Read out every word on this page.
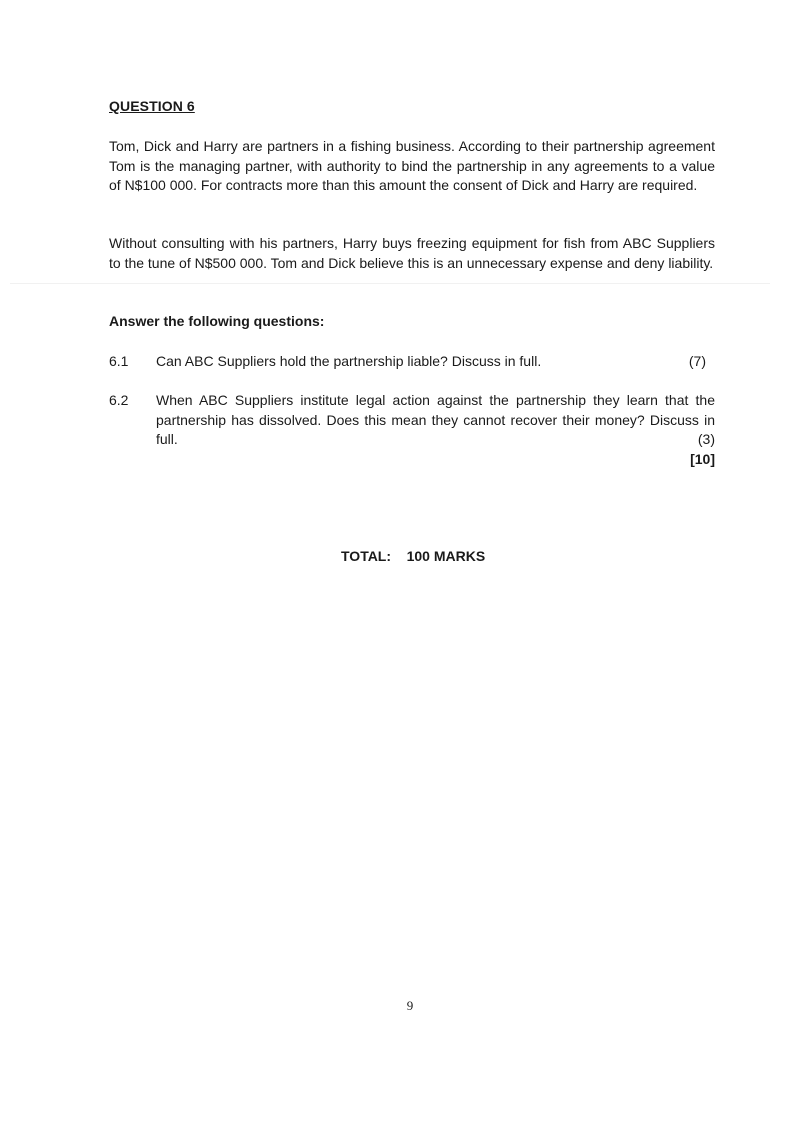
QUESTION 6
Tom, Dick and Harry are partners in a fishing business. According to their partnership agreement Tom is the managing partner, with authority to bind the partnership in any agreements to a value of N$100 000. For contracts more than this amount the consent of Dick and Harry are required.
Without consulting with his partners, Harry buys freezing equipment for fish from ABC Suppliers to the tune of N$500 000. Tom and Dick believe this is an unnecessary expense and deny liability.
Answer the following questions:
6.1 Can ABC Suppliers hold the partnership liable? Discuss in full.	(7)
6.2 When ABC Suppliers institute legal action against the partnership they learn that the partnership has dissolved. Does this mean they cannot recover their money? Discuss in full.	(3)
[10]
TOTAL:    100 MARKS
9
